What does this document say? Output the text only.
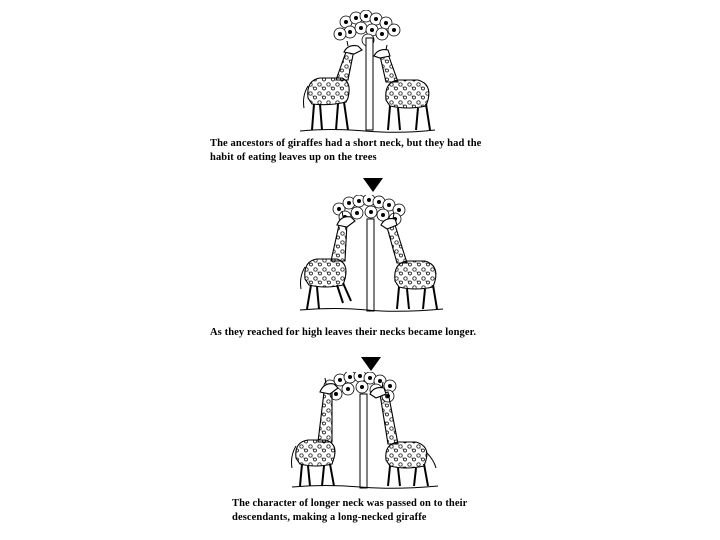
The ancestors of giraffes had a short neck, but they had the
habit of eating leaves up on the trees
As they reached for high leaves their necks became longer.
The character of longer neck was passed on to their
descendants, making a long-necked giraffe
